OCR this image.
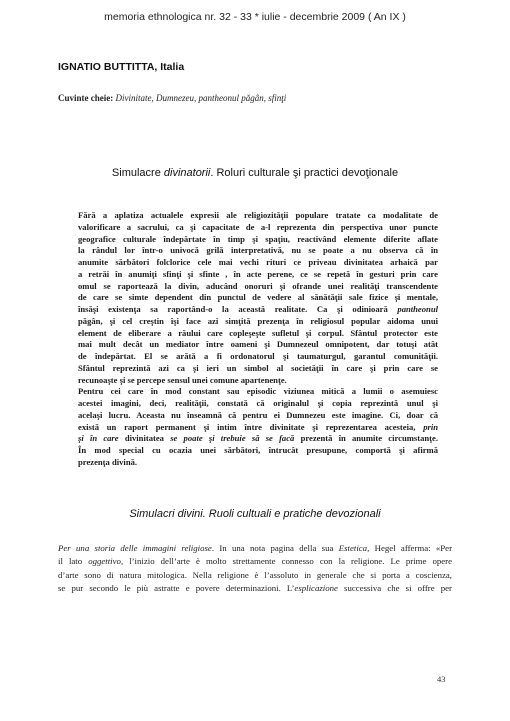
memoria ethnologica nr. 32 - 33 * iulie - decembrie 2009 ( An IX )
IGNATIO BUTTITTA, Italia
Cuvinte cheie: Divinitate, Dumnezeu, pantheonul păgân, sfinţi
Simulacre divinatorii. Roluri culturale şi practici devoţionale
Fără a aplatiza actualele expresii ale religiozităţii populare tratate ca modalitate de
valorificare a sacrului, ca şi capacitate de a-l reprezenta din perspectiva unor puncte
geografice culturale îndepărtate în timp şi spaţiu, reactivând elemente diferite aflate
la rândul lor într-o univocă grilă interpretativă, nu se poate a nu observa că în
anumite sărbători folclorice cele mai vechi rituri ce priveau divinitatea arhaică par
a retrăi în anumiţi sfinţi şi sfinte , în acte perene, ce se repetă în gesturi prin care
omul se raportează la divin, aducând onoruri şi ofrande unei realităţi transcendente
de care se simte dependent din punctul de vedere al sănătăţii sale fizice şi mentale,
însăşi existenţa sa raportând-o la această realitate. Ca şi odinioară pantheonul
păgân, şi cel creştin îşi face azi simţită prezenţa în religiosul popular aidoma unui
element de eliberare a răului care copleşeşte sufletul şi corpul. Sfântul protector este
mai mult decât un mediator între oameni şi Dumnezeul omnipotent, dar totuşi atât
de îndepărtat. El se arătă a fi ordonatorul şi taumaturgul, garantul comunităţii.
Sfântul reprezintă azi ca şi ieri un simbol al societăţii în care şi prin care se
recunoaşte şi se percepe sensul unei comune apartenenţe.
Pentru cei care în mod constant sau episodic viziunea mitică a lumii o asemuiesc
acestei imagini, deci, realităţii, constată că originalul şi copia reprezintă unul şi
acelaşi lucru. Aceasta nu înseamnă că pentru ei Dumnezeu este imagine. Ci, doar că
există un raport permanent şi intim între divinitate şi reprezentarea acesteia, prin
şi în care divinitatea se poate şi trebuie să se facă prezentă în anumite circumstanţe.
În mod special cu ocazia unei sărbători, întrucât presupune, comportă şi afirmă
prezenţa divină.
Simulacri divini. Ruoli cultuali e pratiche devozionali
Per una storia delle immagini religiose. In una nota pagina della sua Estetica, Hegel afferma: «Per
il lato oggettivo, l’inizio dell’arte è molto strettamente connesso con la religione. Le prime opere
d’arte sono di natura mitologica. Nella religione è l’assoluto in generale che si porta a coscienza,
se pur secondo le più astratte e povere determinazioni. L’esplicazione successiva che si offre per
43
